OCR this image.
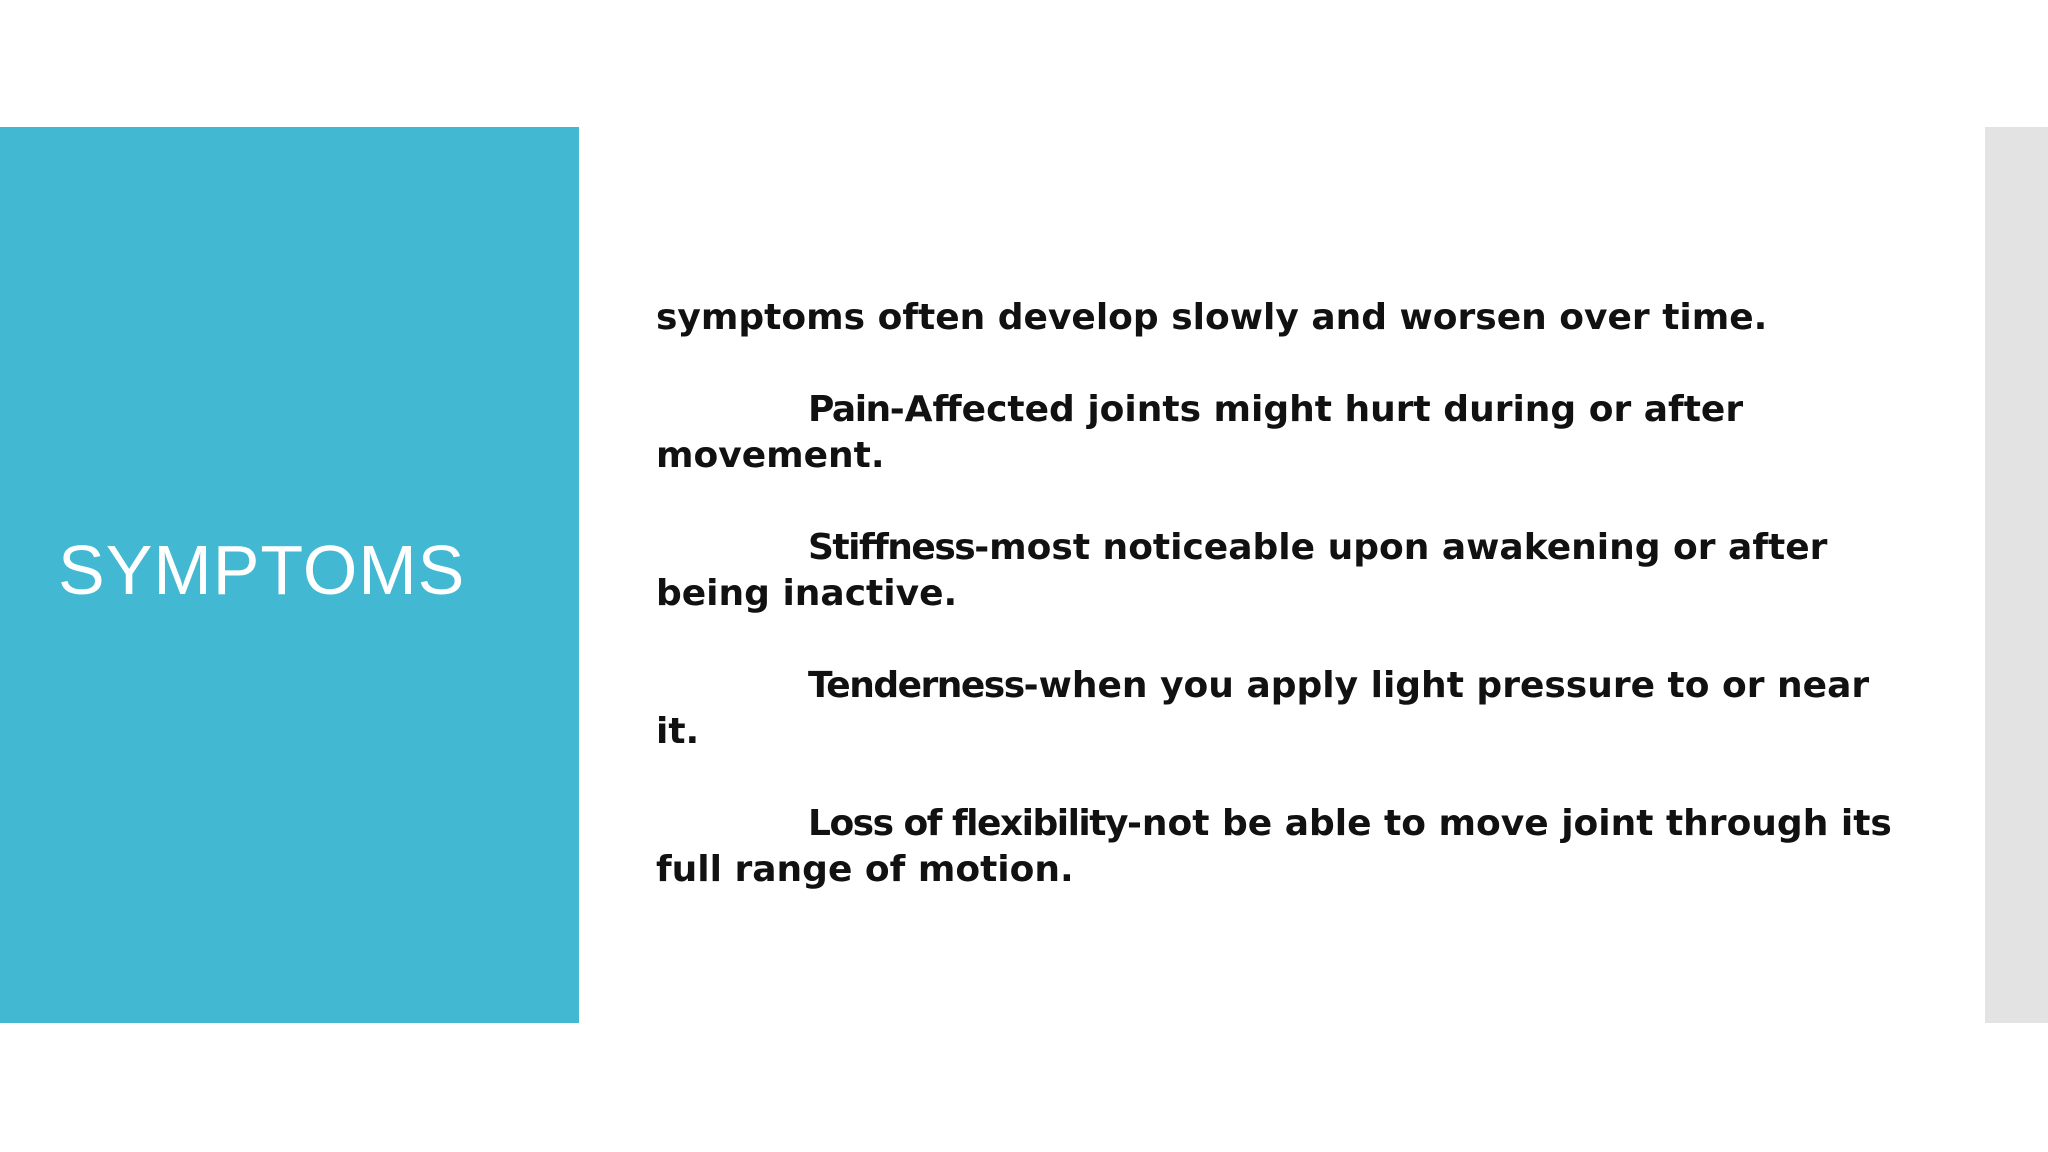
SYMPTOMS

symptoms often develop slowly and worsen over time.

Pain-Affected joints might hurt during or after movement.

Stiffness-most noticeable upon awakening or after being inactive.

Tenderness-when you apply light pressure to or near it.

Loss of flexibility-not be able to move joint through its full range of motion.
